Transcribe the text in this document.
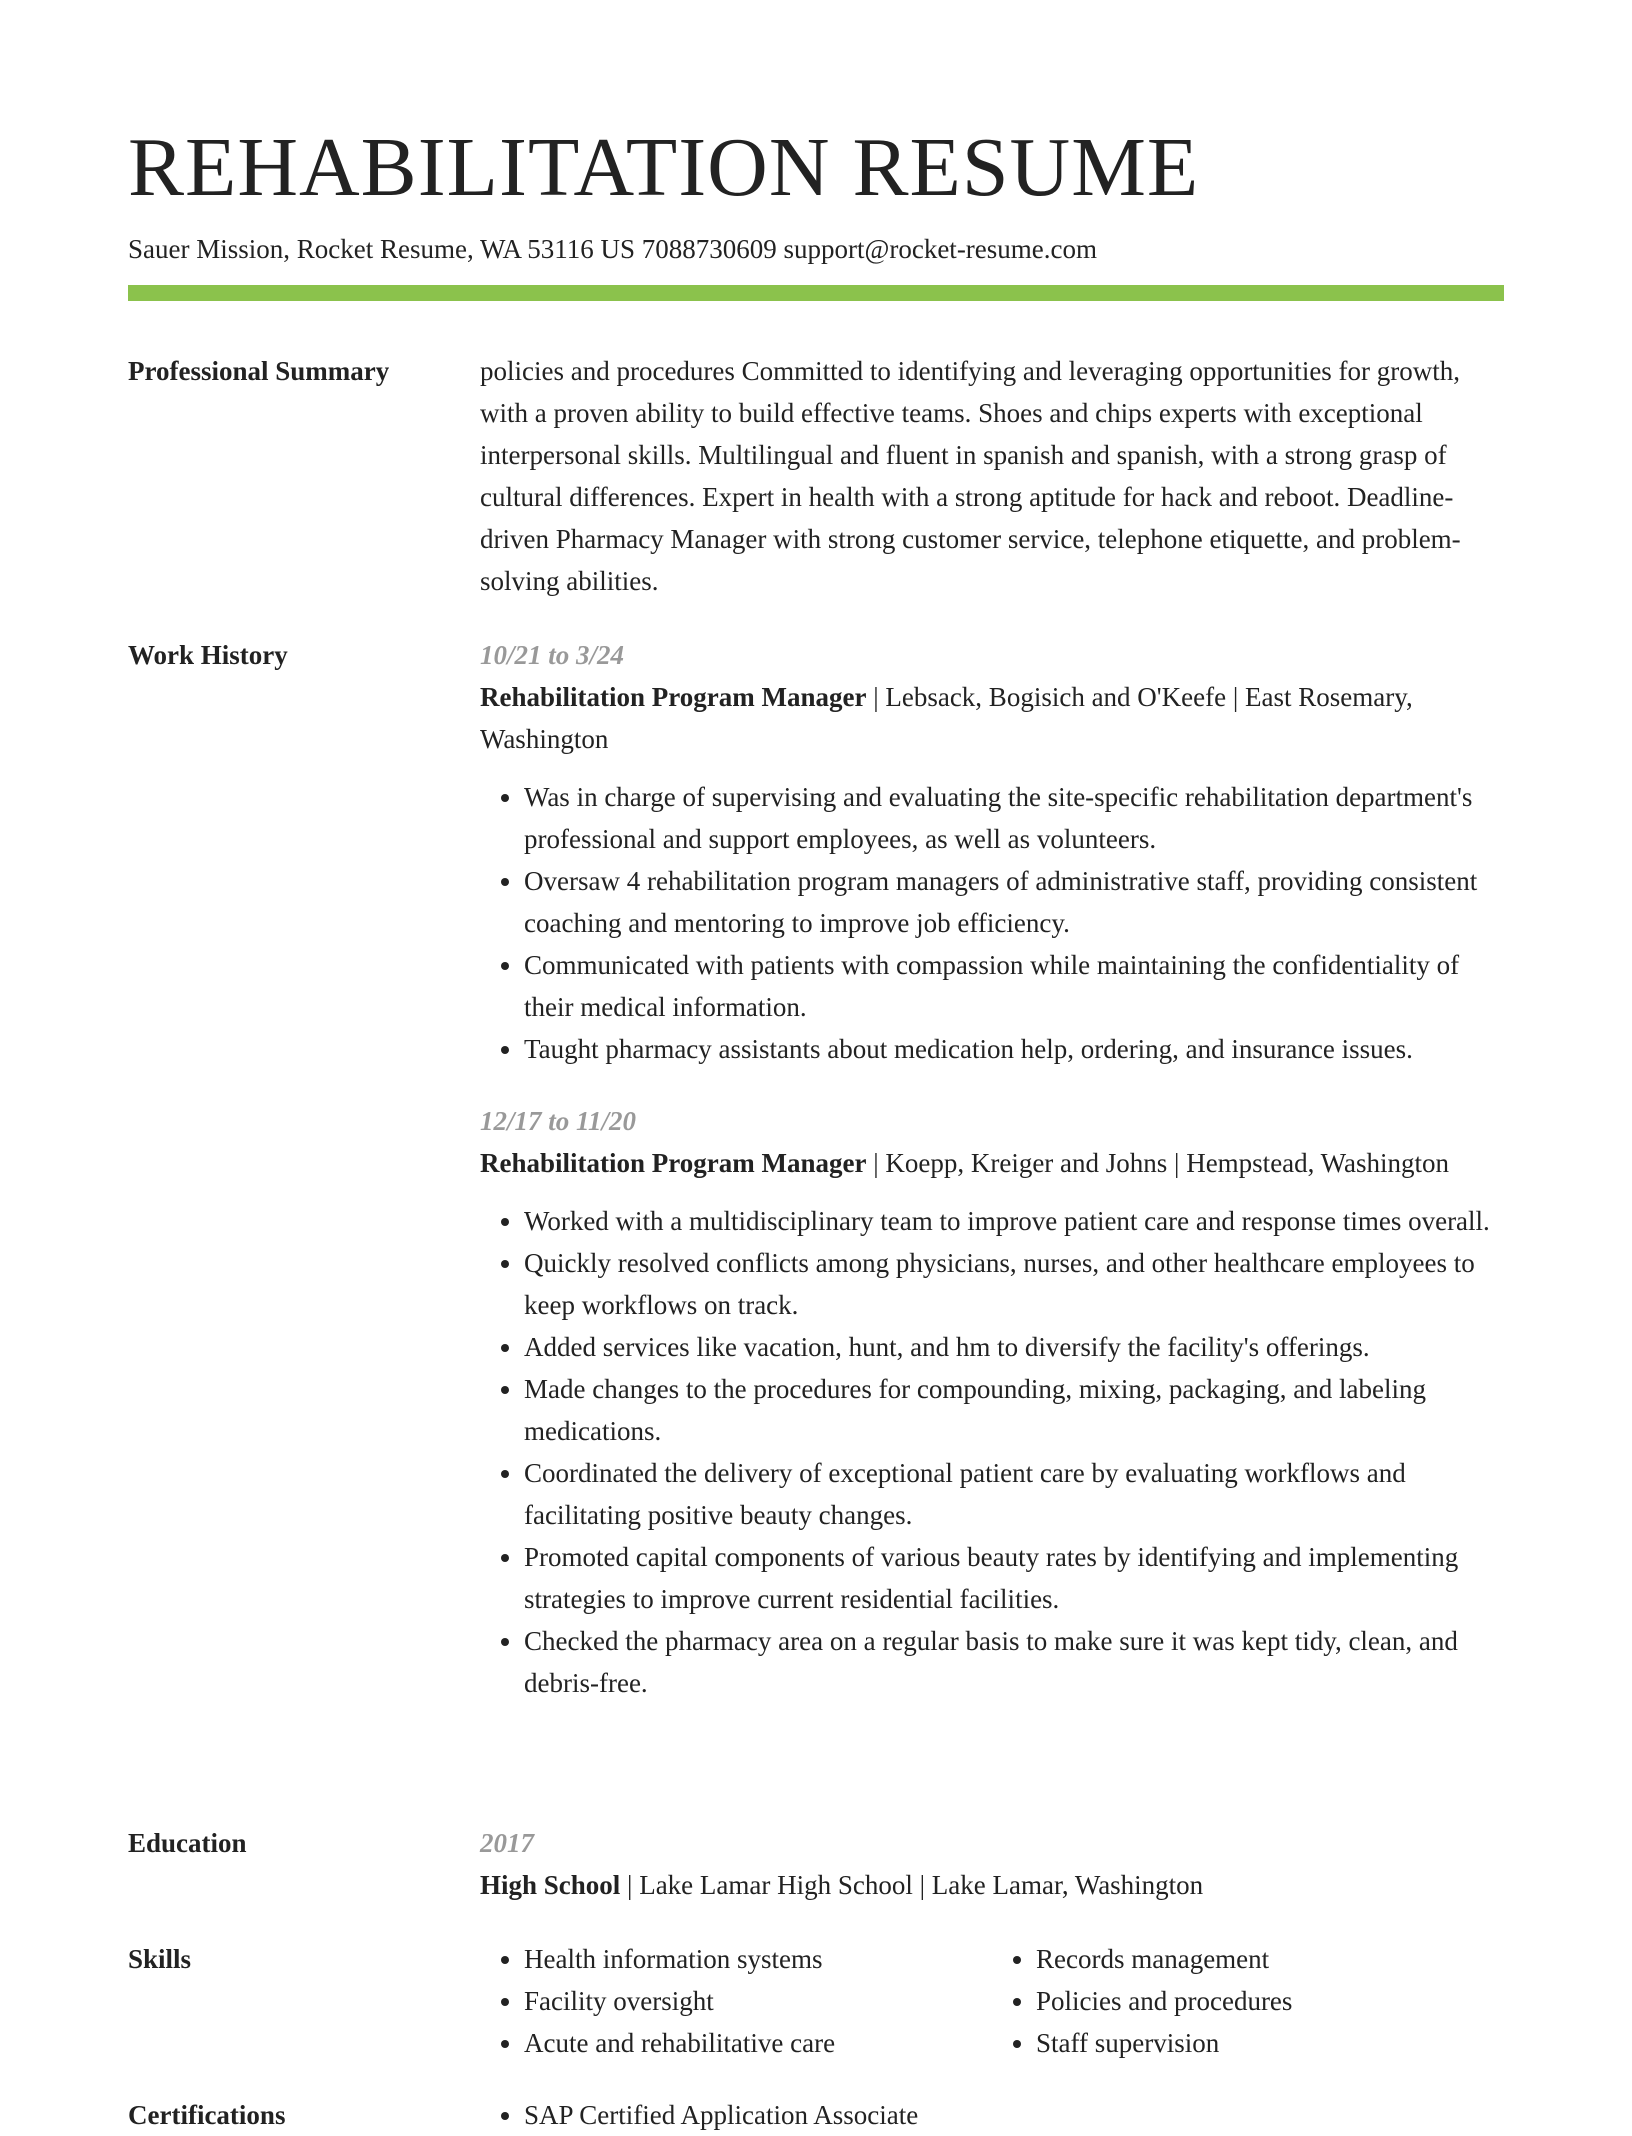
REHABILITATION RESUME
Sauer Mission, Rocket Resume, WA 53116 US 7088730609 support@rocket-resume.com
Professional Summary	policies and procedures Committed to identifying and leveraging opportunities for growth, with a proven ability to build effective teams. Shoes and chips experts with exceptional interpersonal skills. Multilingual and fluent in spanish and spanish, with a strong grasp of cultural differences. Expert in health with a strong aptitude for hack and reboot. Deadline-driven Pharmacy Manager with strong customer service, telephone etiquette, and problem-solving abilities.

Work History	10/21 to 3/24

Rehabilitation Program Manager | Lebsack, Bogisich and O'Keefe | East Rosemary, Washington

• Was in charge of supervising and evaluating the site-specific rehabilitation department's professional and support employees, as well as volunteers.
• Oversaw 4 rehabilitation program managers of administrative staff, providing consistent coaching and mentoring to improve job efficiency.
• Communicated with patients with compassion while maintaining the confidentiality of their medical information.
• Taught pharmacy assistants about medication help, ordering, and insurance issues.
12/17 to 11/20

Rehabilitation Program Manager | Koepp, Kreiger and Johns | Hempstead, Washington

• Worked with a multidisciplinary team to improve patient care and response times overall.
• Quickly resolved conflicts among physicians, nurses, and other healthcare employees to keep workflows on track.
• Added services like vacation, hunt, and hm to diversify the facility's offerings.
• Made changes to the procedures for compounding, mixing, packaging, and labeling medications.
• Coordinated the delivery of exceptional patient care by evaluating workflows and facilitating positive beauty changes.
• Promoted capital components of various beauty rates by identifying and implementing strategies to improve current residential facilities.
• Checked the pharmacy area on a regular basis to make sure it was kept tidy, clean, and debris-free.
Education	2017

High School | Lake Lamar High School | Lake Lamar, Washington

Skills	• Health information systems
• Facility oversight
• Acute and rehabilitative care
• Records management
• Policies and procedures
• Staff supervision
Certifications	• SAP Certified Application Associate
